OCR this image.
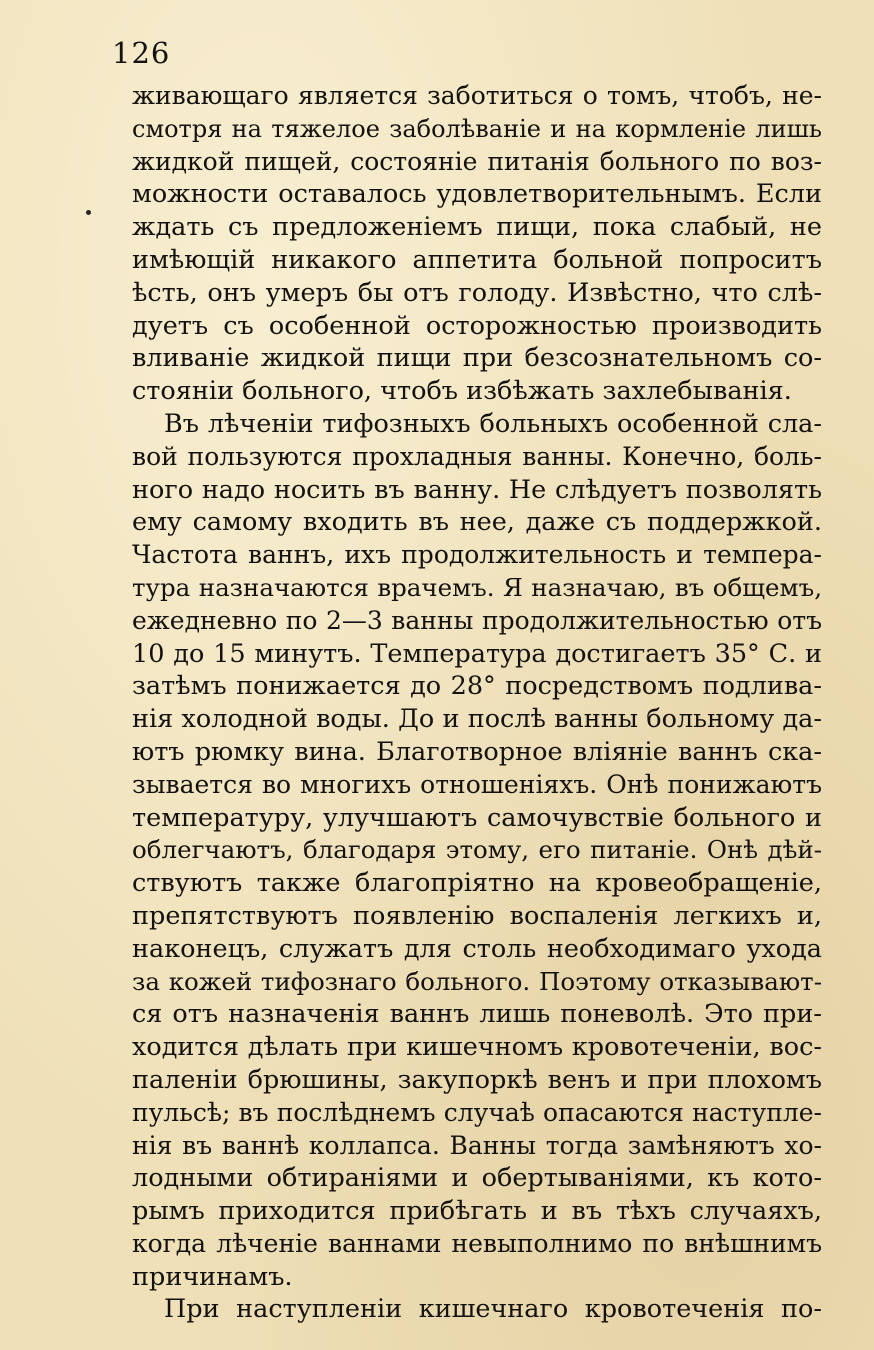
126
живающаго является заботиться о томъ, чтобъ, не-
смотря на тяжелое заболѣваніе и на кормленіе лишь
жидкой пищей, состояніе питанія больного по воз-
можности оставалось удовлетворительнымъ. Если
ждать съ предложеніемъ пищи, пока слабый, не
имѣющій никакого аппетита больной попроситъ
ѣсть, онъ умеръ бы отъ голоду. Извѣстно, что слѣ-
дуетъ съ особенной осторожностью производить
вливаніе жидкой пищи при безсознательномъ со-
стояніи больного, чтобъ избѣжать захлебыванія.
Въ лѣченіи тифозныхъ больныхъ особенной сла-
вой пользуются прохладныя ванны. Конечно, боль-
ного надо носить въ ванну. Не слѣдуетъ позволять
ему самому входить въ нее, даже съ поддержкой.
Частота ваннъ, ихъ продолжительность и темпера-
тура назначаются врачемъ. Я назначаю, въ общемъ,
ежедневно по 2—3 ванны продолжительностью отъ
10 до 15 минутъ. Температура достигаетъ 35° С. и
затѣмъ понижается до 28° посредствомъ подлива-
нія холодной воды. До и послѣ ванны больному да-
ютъ рюмку вина. Благотворное вліяніе ваннъ ска-
зывается во многихъ отношеніяхъ. Онѣ понижаютъ
температуру, улучшаютъ самочувствіе больного и
облегчаютъ, благодаря этому, его питаніе. Онѣ дѣй-
ствуютъ также благопріятно на кровеобращеніе,
препятствуютъ появленію воспаленія легкихъ и,
наконецъ, служатъ для столь необходимаго ухода
за кожей тифознаго больного. Поэтому отказывают-
ся отъ назначенія ваннъ лишь поневолѣ. Это при-
ходится дѣлать при кишечномъ кровотеченіи, вос-
паленіи брюшины, закупоркѣ венъ и при плохомъ
пульсѣ; въ послѣднемъ случаѣ опасаются наступле-
нія въ ваннѣ коллапса. Ванны тогда замѣняютъ хо-
лодными обтираніями и обертываніями, къ кото-
рымъ приходится прибѣгать и въ тѣхъ случаяхъ,
когда лѣченіе ваннами невыполнимо по внѣшнимъ
причинамъ.
При наступленіи кишечнаго кровотеченія по-
